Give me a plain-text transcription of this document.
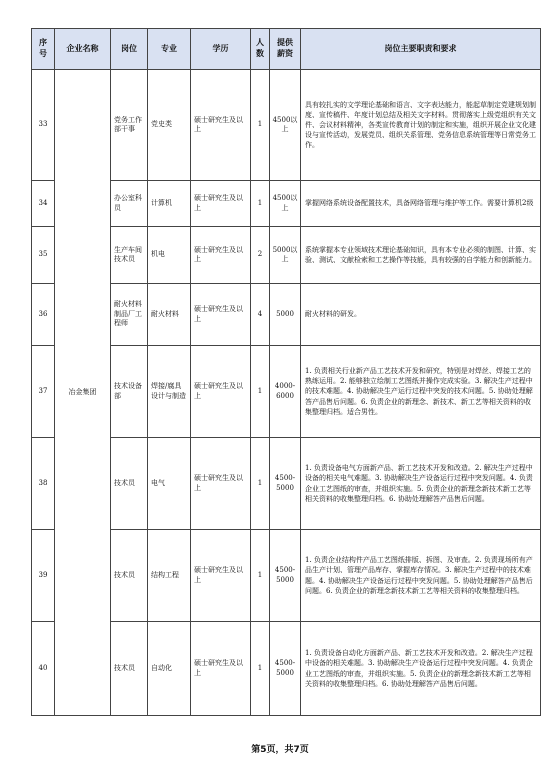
序
号	企业名称	岗位	专业	学历	人数	提供
薪资	岗位主要职责和要求
33	冶金集团	党务工作部干事	党史类	硕士研究生及以上	1	4500以上	具有较扎实的文学理论基础和语言、文字表达能力，能起草制定党建规划制度、宣传稿件、年度计划总结及相关文字材料。贯彻落实上级党组织有关文件、会议材料精神，各类宣传教育计划的制定和实施，组织开展企业文化建设与宣传活动，发展党员、组织关系管理、党务信息系统管理等日常党务工作。
34		办公室科员	计算机	硕士研究生及以上	1	4500以上	掌握网络系统设备配置技术，具备网络管理与维护等工作。需要计算机2级
35		生产车间技术员	机电	硕士研究生及以上	2	5000以上	系统掌握本专业领域技术理论基础知识，具有本专业必须的制图、计算、实验、测试、文献检索和工艺操作等技能，具有较强的自学能力和创新能力。
36		耐火材料制品厂工程师	耐火材料	硕士研究生及以上	4	5000	耐火材料的研发。
37		技术设备部	焊接/腐具设计与制造	硕士研究生及以上	1	4000-6000	1. 负责相关行业新产品工艺技术开发和研究，特别是对焊丝、焊接工艺的熟练运用。2. 能够独立绘制工艺图纸并操作完成实验。3. 解决生产过程中的技术难题。4. 协助解决生产运行过程中突发的技术问题。5. 协助处理解答产品售后问题。6. 负责企业的新理念、新技术、新工艺等相关资料的收集整理归档。适合男性。
38		技术员	电气	硕士研究生及以上	1	4500-5000	1. 负责设备电气方面新产品、新工艺技术开发和改造。2. 解决生产过程中设备的相关电气难题。3. 协助解决生产设备运行过程中突发问题。4. 负责企业工艺图纸的审查，并组织实施。5. 负责企业的新理念新技术新工艺等相关资料的收集整理归档。6. 协助处理解答产品售后问题。
39		技术员	结构工程	硕士研究生及以上	1	4500-5000	1. 负责企业结构件产品工艺图纸排版、拆图、及审查。2. 负责现场所有产品生产计划、管理产品库存、掌握库存情况。3. 解决生产过程中的技术难题。4. 协助解决生产设备运行过程中突发问题。5. 协助处理解答产品售后问题。6. 负责企业的新理念新技术新工艺等相关资料的收集整理归档。
40		技术员	自动化	硕士研究生及以上	1	4500-5000	1. 负责设备自动化方面新产品、新工艺技术开发和改造。2. 解决生产过程中设备的相关难题。3. 协助解决生产设备运行过程中突发问题。4. 负责企业工艺图纸的审查，并组织实施。5. 负责企业的新理念新技术新工艺等相关资料的收集整理归档。6. 协助处理解答产品售后问题。
第5页，共7页
